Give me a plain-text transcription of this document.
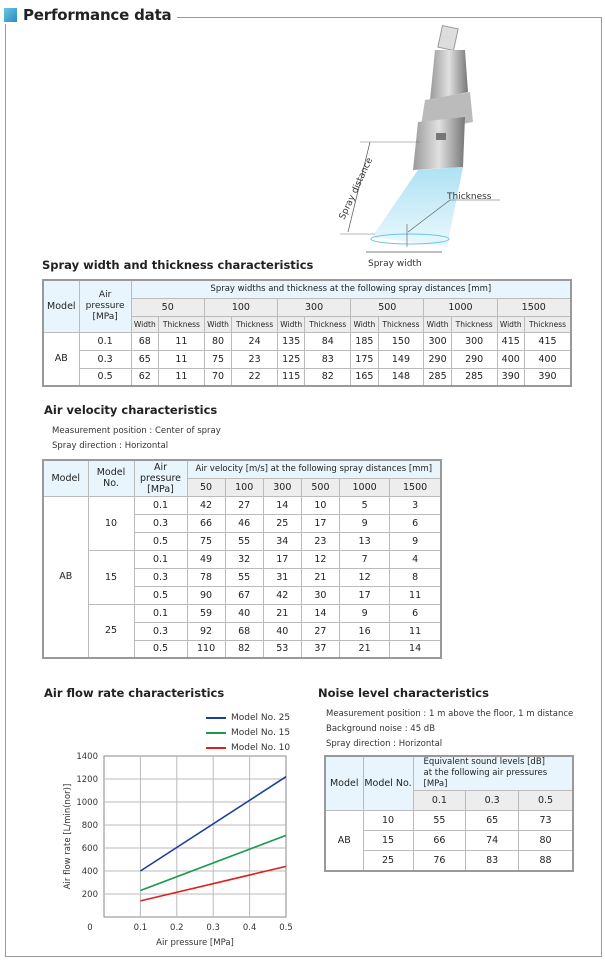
Performance data
Spray distance	Thickness
Spray width
Spray width and thickness characteristics
Model	Air pressure [MPa]	Spray widths and thickness at the following spray distances [mm]											
		50		100		300		500		1000		1500	
		Width	Thickness	Width	Thickness	Width	Thickness	Width	Thickness	Width	Thickness	Width	Thickness
AB	0.1	68	11	80	24	135	84	185	150	300	300	415	415
	0.3	65	11	75	23	125	83	175	149	290	290	400	400
	0.5	62	11	70	22	115	82	165	148	285	285	390	390
Air velocity characteristics
Measurement position : Center of spray
Spray direction : Horizontal
Model	Model No.	Air pressure [MPa]	Air velocity [m/s] at the following spray distances [mm]					
			50	100	300	500	1000	1500
AB	10	0.1	42	27	14	10	5	3
		0.3	66	46	25	17	9	6
		0.5	75	55	34	23	13	9
	15	0.1	49	32	17	12	7	4
		0.3	78	55	31	21	12	8
		0.5	90	67	42	30	17	11
	25	0.1	59	40	21	14	9	6
		0.3	92	68	40	27	16	11
		0.5	110	82	53	37	21	14
Air flow rate characteristics
Model No. 25
Model No. 15
Model No. 10
200
400
600
800
1000
1200
1400
0	0.1	0.2	0.3	0.4	0.5
Air pressure [MPa]
Air flow rate [L/min(nor)]
Noise level characteristics
Measurement position : 1 m above the floor, 1 m distance
Background noise : 45 dB
Spray direction : Horizontal
Model	Model No.	Equivalent sound levels [dB]
at the following air pressures [MPa]		
		0.1	0.3	0.5
AB	10	55	65	73
	15	66	74	80
	25	76	83	88
